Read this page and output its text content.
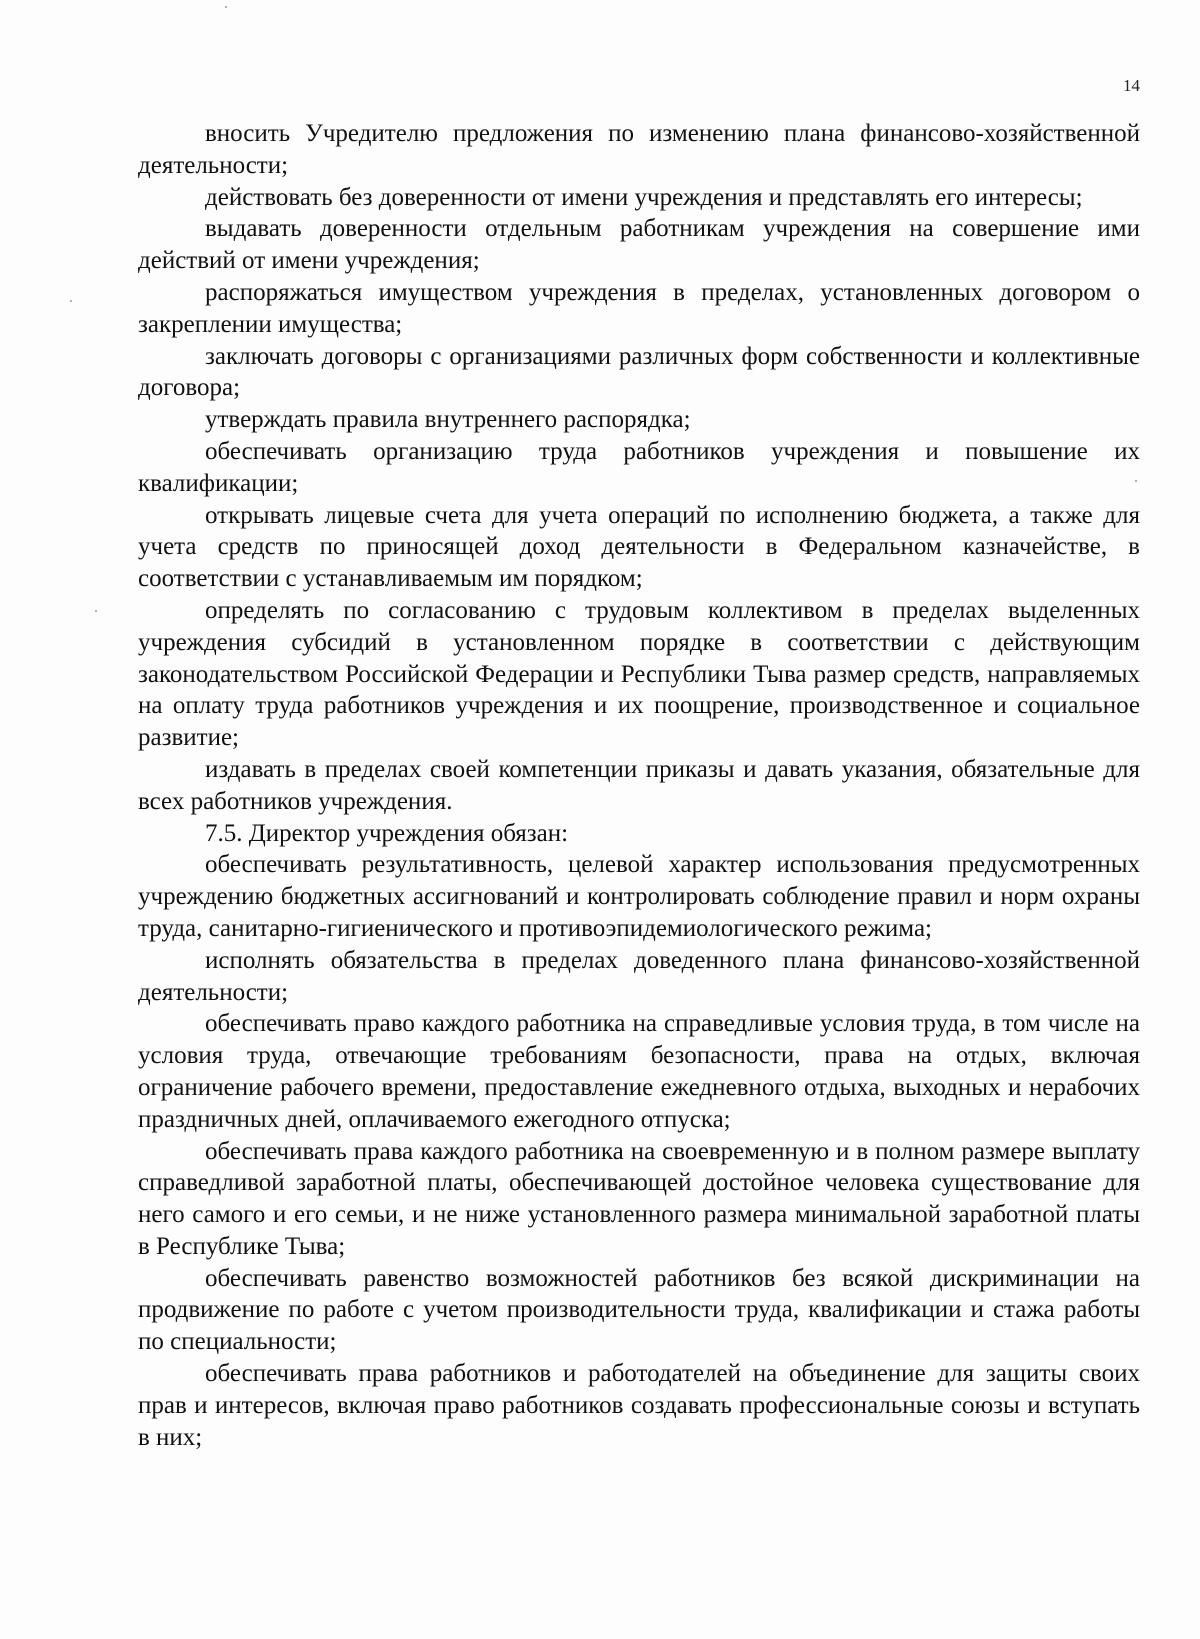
14

вносить Учредителю предложения по изменению плана финансово-хозяйственной деятельности;

действовать без доверенности от имени учреждения и представлять его интересы;

выдавать доверенности отдельным работникам учреждения на совершение ими действий от имени учреждения;

распоряжаться имуществом учреждения в пределах, установленных договором о закреплении имущества;

заключать договоры с организациями различных форм собственности и коллективные договора;

утверждать правила внутреннего распорядка;

обеспечивать организацию труда работников учреждения и повышение их квалификации;

открывать лицевые счета для учета операций по исполнению бюджета, а также для учета средств по приносящей доход деятельности в Федеральном казначействе, в соответствии с устанавливаемым им порядком;

определять по согласованию с трудовым коллективом в пределах выделенных учреждения субсидий в установленном порядке в соответствии с действующим законодательством Российской Федерации и Республики Тыва размер средств, направляемых на оплату труда работников учреждения и их поощрение, производственное и социальное развитие;

издавать в пределах своей компетенции приказы и давать указания, обязательные для всех работников учреждения.

7.5. Директор учреждения обязан:

обеспечивать результативность, целевой характер использования предусмотренных учреждению бюджетных ассигнований и контролировать соблюдение правил и норм охраны труда, санитарно-гигиенического и противоэпидемиологического режима;

исполнять обязательства в пределах доведенного плана финансово-хозяйственной деятельности;

обеспечивать право каждого работника на справедливые условия труда, в том числе на условия труда, отвечающие требованиям безопасности, права на отдых, включая ограничение рабочего времени, предоставление ежедневного отдыха, выходных и нерабочих праздничных дней, оплачиваемого ежегодного отпуска;

обеспечивать права каждого работника на своевременную и в полном размере выплату справедливой заработной платы, обеспечивающей достойное человека существование для него самого и его семьи, и не ниже установленного размера минимальной заработной платы в Республике Тыва;

обеспечивать равенство возможностей работников без всякой дискриминации на продвижение по работе с учетом производительности труда, квалификации и стажа работы по специальности;

обеспечивать права работников и работодателей на объединение для защиты своих прав и интересов, включая право работников создавать профессиональные союзы и вступать в них;
